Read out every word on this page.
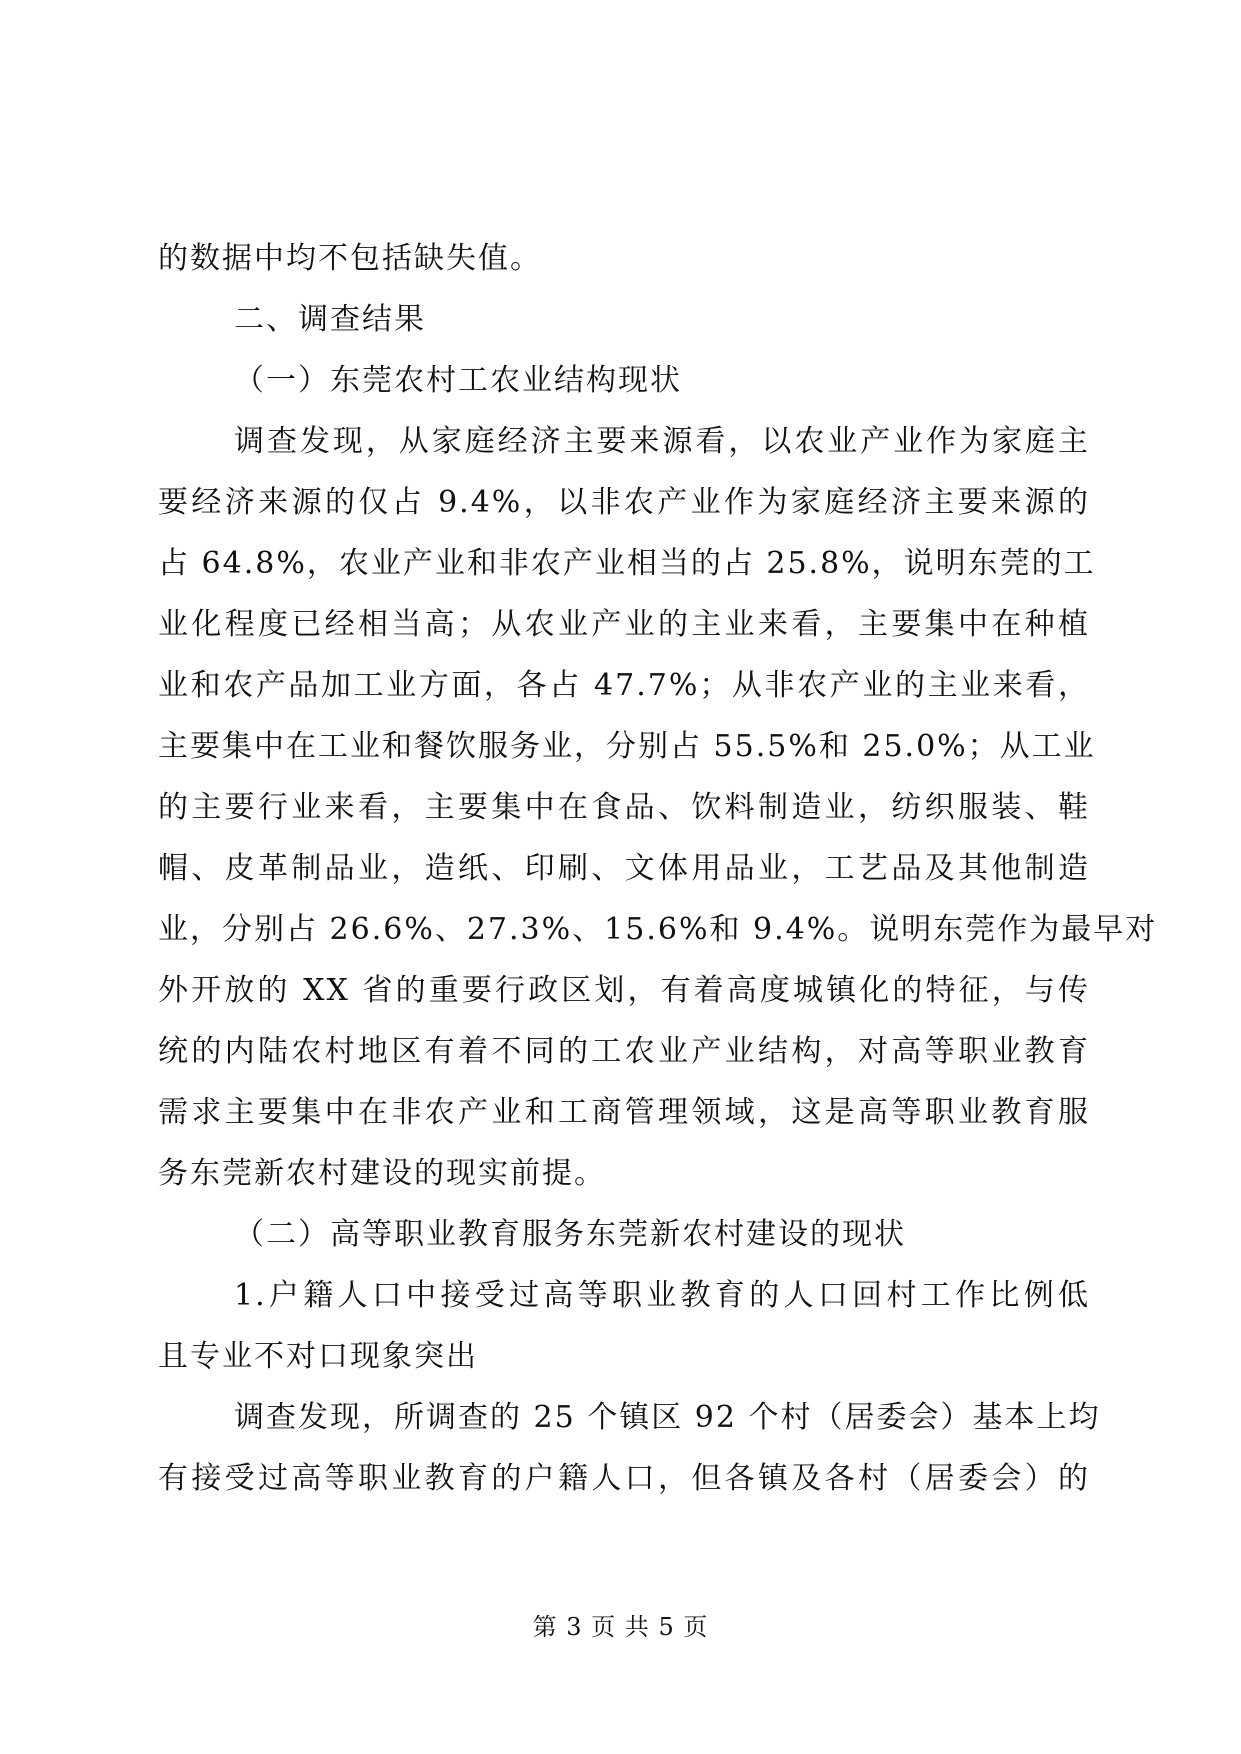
的数据中均不包括缺失值。
二、调查结果
（一）东莞农村工农业结构现状
调查发现，从家庭经济主要来源看，以农业产业作为家庭主
要经济来源的仅占 9.4%，以非农产业作为家庭经济主要来源的
占 64.8%，农业产业和非农产业相当的占 25.8%，说明东莞的工
业化程度已经相当高；从农业产业的主业来看，主要集中在种植
业和农产品加工业方面，各占 47.7%；从非农产业的主业来看，
主要集中在工业和餐饮服务业，分别占 55.5%和 25.0%；从工业
的主要行业来看，主要集中在食品、饮料制造业，纺织服装、鞋
帽、皮革制品业，造纸、印刷、文体用品业，工艺品及其他制造
业，分别占 26.6%、27.3%、15.6%和 9.4%。说明东莞作为最早对
外开放的 XX 省的重要行政区划，有着高度城镇化的特征，与传
统的内陆农村地区有着不同的工农业产业结构，对高等职业教育
需求主要集中在非农产业和工商管理领域，这是高等职业教育服
务东莞新农村建设的现实前提。
（二）高等职业教育服务东莞新农村建设的现状
1.户籍人口中接受过高等职业教育的人口回村工作比例低
且专业不对口现象突出
调查发现，所调查的 25 个镇区 92 个村（居委会）基本上均
有接受过高等职业教育的户籍人口，但各镇及各村（居委会）的
第 3 页 共 5 页
